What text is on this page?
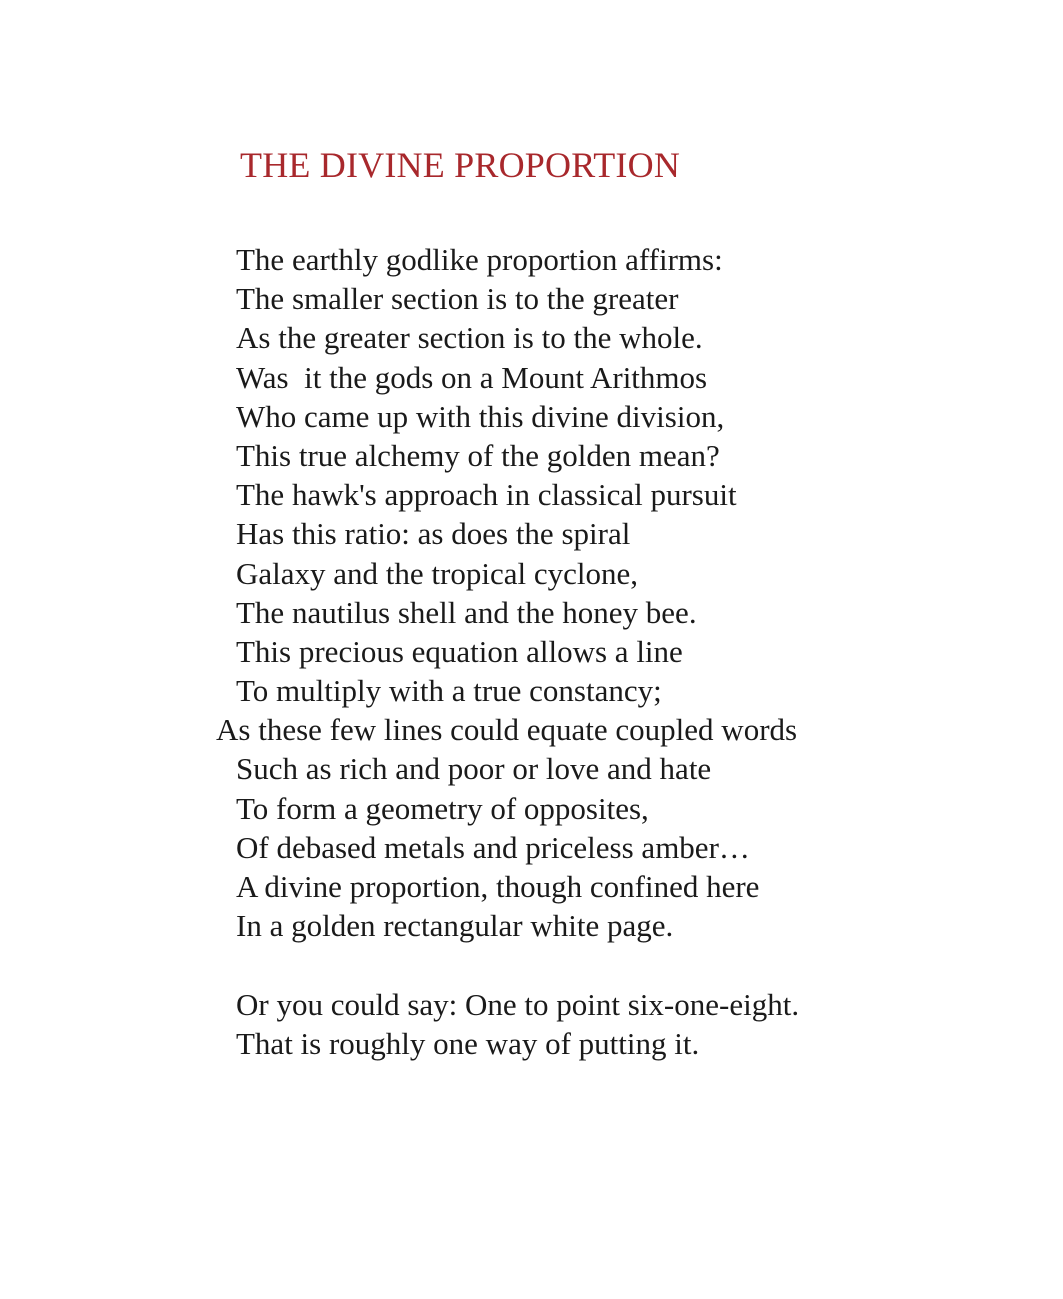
THE DIVINE PROPORTION
The earthly godlike proportion affirms:
The smaller section is to the greater
As the greater section is to the whole.
Was  it the gods on a Mount Arithmos
Who came up with this divine division,
This true alchemy of the golden mean?
The hawk's approach in classical pursuit
Has this ratio: as does the spiral
Galaxy and the tropical cyclone,
The nautilus shell and the honey bee.
This precious equation allows a line
To multiply with a true constancy;
As these few lines could equate coupled words
Such as rich and poor or love and hate
To form a geometry of opposites,
Of debased metals and priceless amber…
A divine proportion, though confined here
In a golden rectangular white page.
Or you could say: One to point six-one-eight.
That is roughly one way of putting it.
